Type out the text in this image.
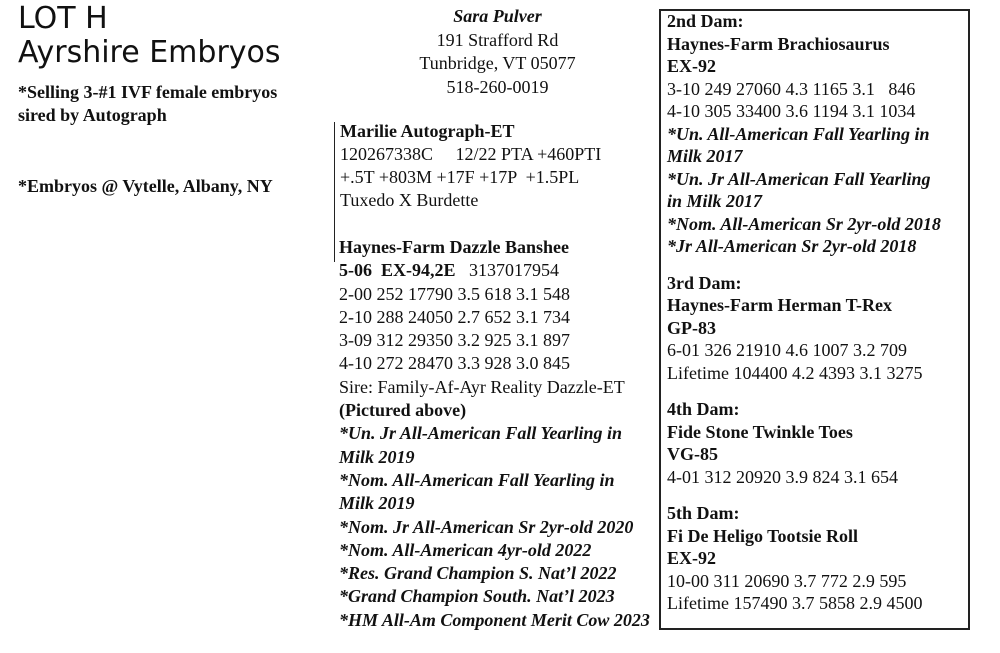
LOT H
Ayrshire Embryos
*Selling 3-#1 IVF female embryos
sired by Autograph
*Embryos @ Vytelle, Albany, NY
Sara Pulver
191 Strafford Rd
Tunbridge, VT 05077
518-260-0019
Marilie Autograph-ET
120267338C     12/22 PTA +460PTI
+.5T +803M +17F +17P  +1.5PL
Tuxedo X Burdette
Haynes-Farm Dazzle Banshee
5-06  EX-94,2E 3137017954
2-00 252 17790 3.5 618 3.1 548
2-10 288 24050 2.7 652 3.1 734
3-09 312 29350 3.2 925 3.1 897
4-10 272 28470 3.3 928 3.0 845
Sire: Family-Af-Ayr Reality Dazzle-ET
(Pictured above)
*Un. Jr All-American Fall Yearling in
Milk 2019
*Nom. All-American Fall Yearling in
Milk 2019
*Nom. Jr All-American Sr 2yr-old 2020
*Nom. All-American 4yr-old 2022
*Res. Grand Champion S. Nat’l 2022
*Grand Champion South. Nat’l 2023
*HM All-Am Component Merit Cow 2023
2nd Dam:
Haynes-Farm Brachiosaurus
EX-92
3-10 249 27060 4.3 1165 3.1   846
4-10 305 33400 3.6 1194 3.1 1034
*Un. All-American Fall Yearling in
Milk 2017
*Un. Jr All-American Fall Yearling
in Milk 2017
*Nom. All-American Sr 2yr-old 2018
*Jr All-American Sr 2yr-old 2018
3rd Dam:
Haynes-Farm Herman T-Rex
GP-83
6-01 326 21910 4.6 1007 3.2 709
Lifetime 104400 4.2 4393 3.1 3275
4th Dam:
Fide Stone Twinkle Toes
VG-85
4-01 312 20920 3.9 824 3.1 654
5th Dam:
Fi De Heligo Tootsie Roll
EX-92
10-00 311 20690 3.7 772 2.9 595
Lifetime 157490 3.7 5858 2.9 4500
